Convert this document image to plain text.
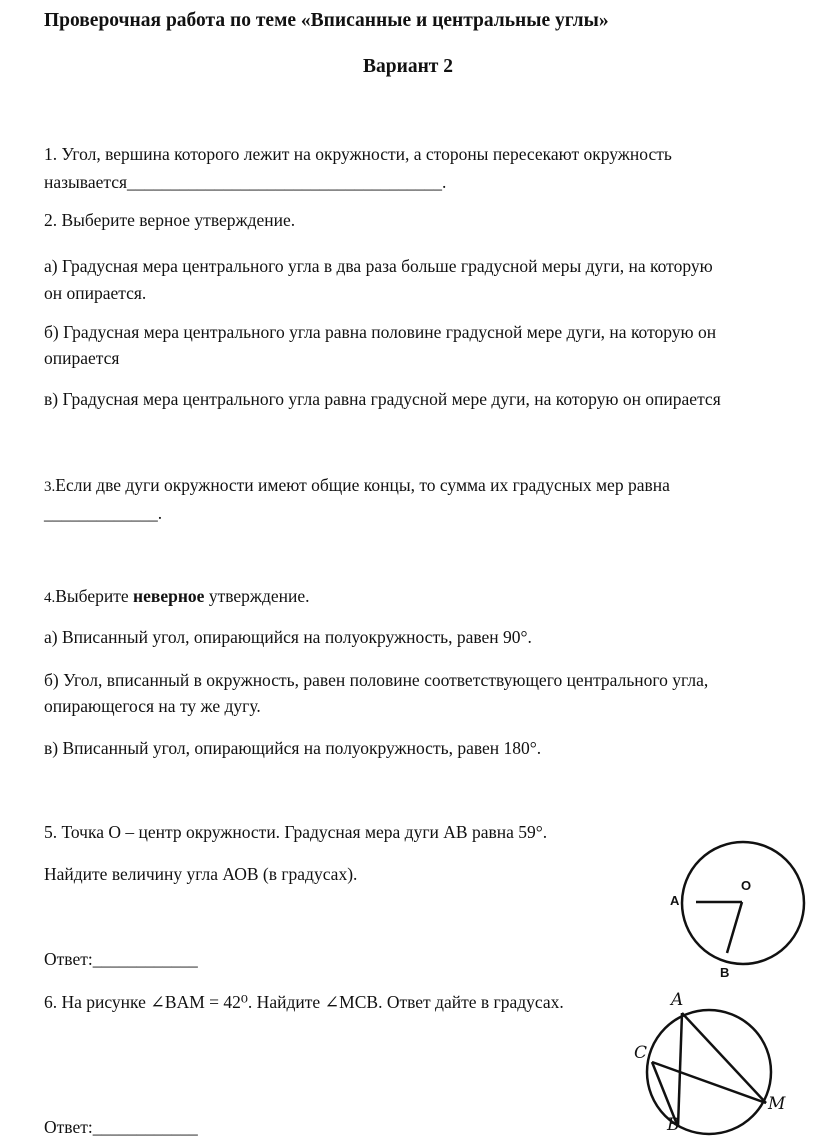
Проверочная работа по теме «Вписанные и центральные углы»
Вариант 2
1. Угол, вершина которого лежит на окружности, а стороны пересекают окружность
называется____________________________________.
2. Выберите верное утверждение.
а) Градусная мера центрального угла в два раза больше градусной меры дуги, на которую
он опирается.
б) Градусная мера центрального угла равна половине градусной мере дуги, на которую он
опирается
в) Градусная мера центрального угла равна градусной мере дуги, на которую он опирается
3.Если две дуги окружности имеют общие концы, то сумма их градусных мер равна
_____________.
4.Выберите неверное утверждение.
а) Вписанный угол, опирающийся на полуокружность, равен 90°.
б) Угол, вписанный в окружность, равен половине соответствующего центрального угла,
опирающегося на ту же дугу.
в) Вписанный угол, опирающийся на полуокружность, равен 180°.
5. Точка О – центр окружности. Градусная мера дуги АВ равна 59°.
Найдите величину угла АОВ (в градусах).
Ответ:____________
A
O
B
6. На рисунке ∠BAM = 42⁰. Найдите ∠MCB. Ответ дайте в градусах.
Ответ:____________
A
C
M
B
